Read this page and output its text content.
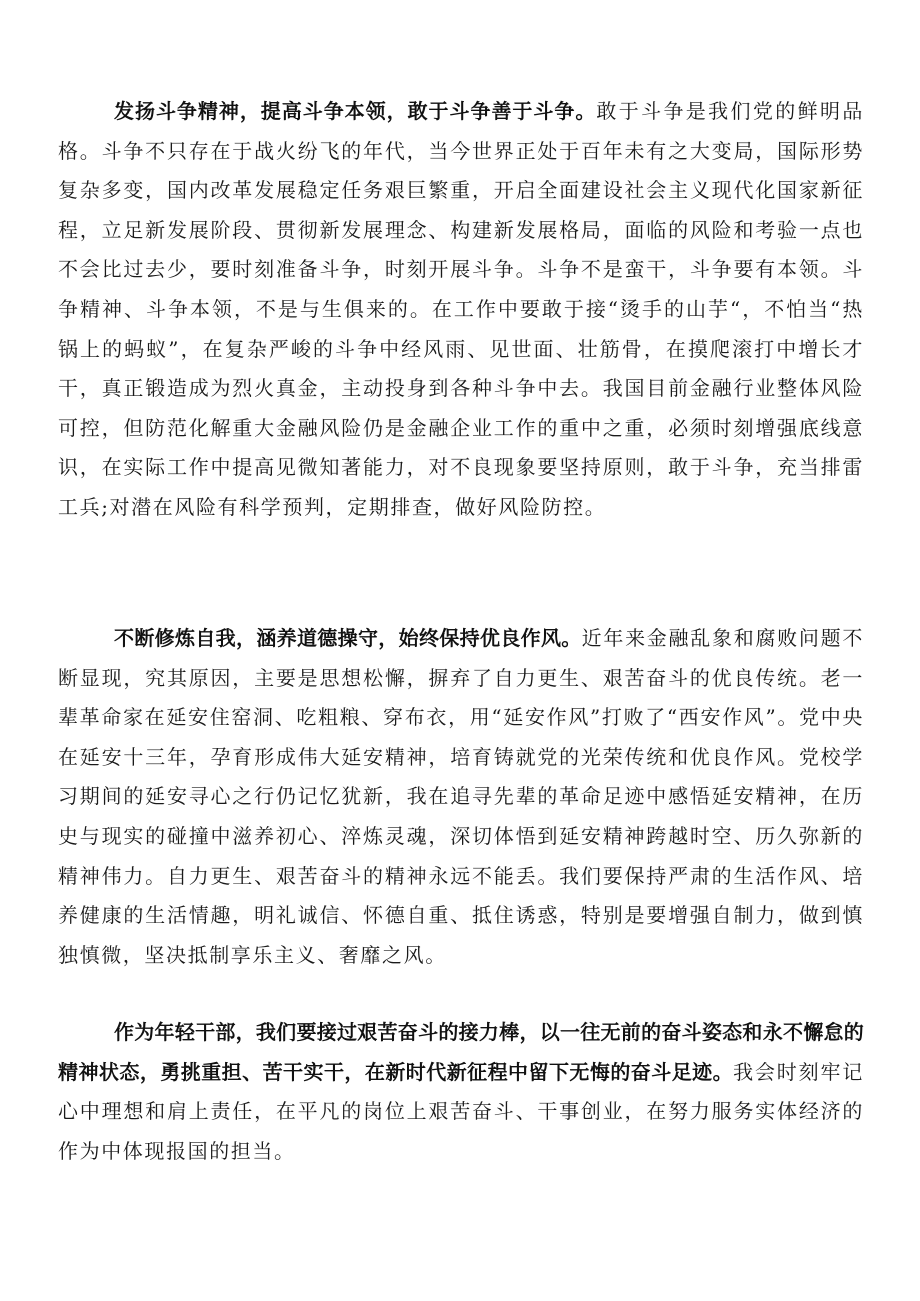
发扬斗争精神，提高斗争本领，敢于斗争善于斗争。敢于斗争是我们党的鲜明品格。斗争不只存在于战火纷飞的年代，当今世界正处于百年未有之大变局，国际形势复杂多变，国内改革发展稳定任务艰巨繁重，开启全面建设社会主义现代化国家新征程，立足新发展阶段、贯彻新发展理念、构建新发展格局，面临的风险和考验一点也不会比过去少，要时刻准备斗争，时刻开展斗争。斗争不是蛮干，斗争要有本领。斗争精神、斗争本领，不是与生俱来的。在工作中要敢于接“烫手的山芋“，不怕当“热锅上的蚂蚁”，在复杂严峻的斗争中经风雨、见世面、壮筋骨，在摸爬滚打中增长才干，真正锻造成为烈火真金，主动投身到各种斗争中去。我国目前金融行业整体风险可控，但防范化解重大金融风险仍是金融企业工作的重中之重，必须时刻增强底线意识，在实际工作中提高见微知著能力，对不良现象要坚持原则，敢于斗争，充当排雷工兵;对潜在风险有科学预判，定期排查，做好风险防控。

不断修炼自我，涵养道德操守，始终保持优良作风。近年来金融乱象和腐败问题不断显现，究其原因，主要是思想松懈，摒弃了自力更生、艰苦奋斗的优良传统。老一辈革命家在延安住窑洞、吃粗粮、穿布衣，用“延安作风”打败了“西安作风”。党中央在延安十三年，孕育形成伟大延安精神，培育铸就党的光荣传统和优良作风。党校学习期间的延安寻心之行仍记忆犹新，我在追寻先辈的革命足迹中感悟延安精神，在历史与现实的碰撞中滋养初心、淬炼灵魂，深切体悟到延安精神跨越时空、历久弥新的精神伟力。自力更生、艰苦奋斗的精神永远不能丢。我们要保持严肃的生活作风、培养健康的生活情趣，明礼诚信、怀德自重、抵住诱惑，特别是要增强自制力，做到慎独慎微，坚决抵制享乐主义、奢靡之风。

作为年轻干部，我们要接过艰苦奋斗的接力棒，以一往无前的奋斗姿态和永不懈怠的精神状态，勇挑重担、苦干实干，在新时代新征程中留下无悔的奋斗足迹。我会时刻牢记心中理想和肩上责任，在平凡的岗位上艰苦奋斗、干事创业，在努力服务实体经济的作为中体现报国的担当。
